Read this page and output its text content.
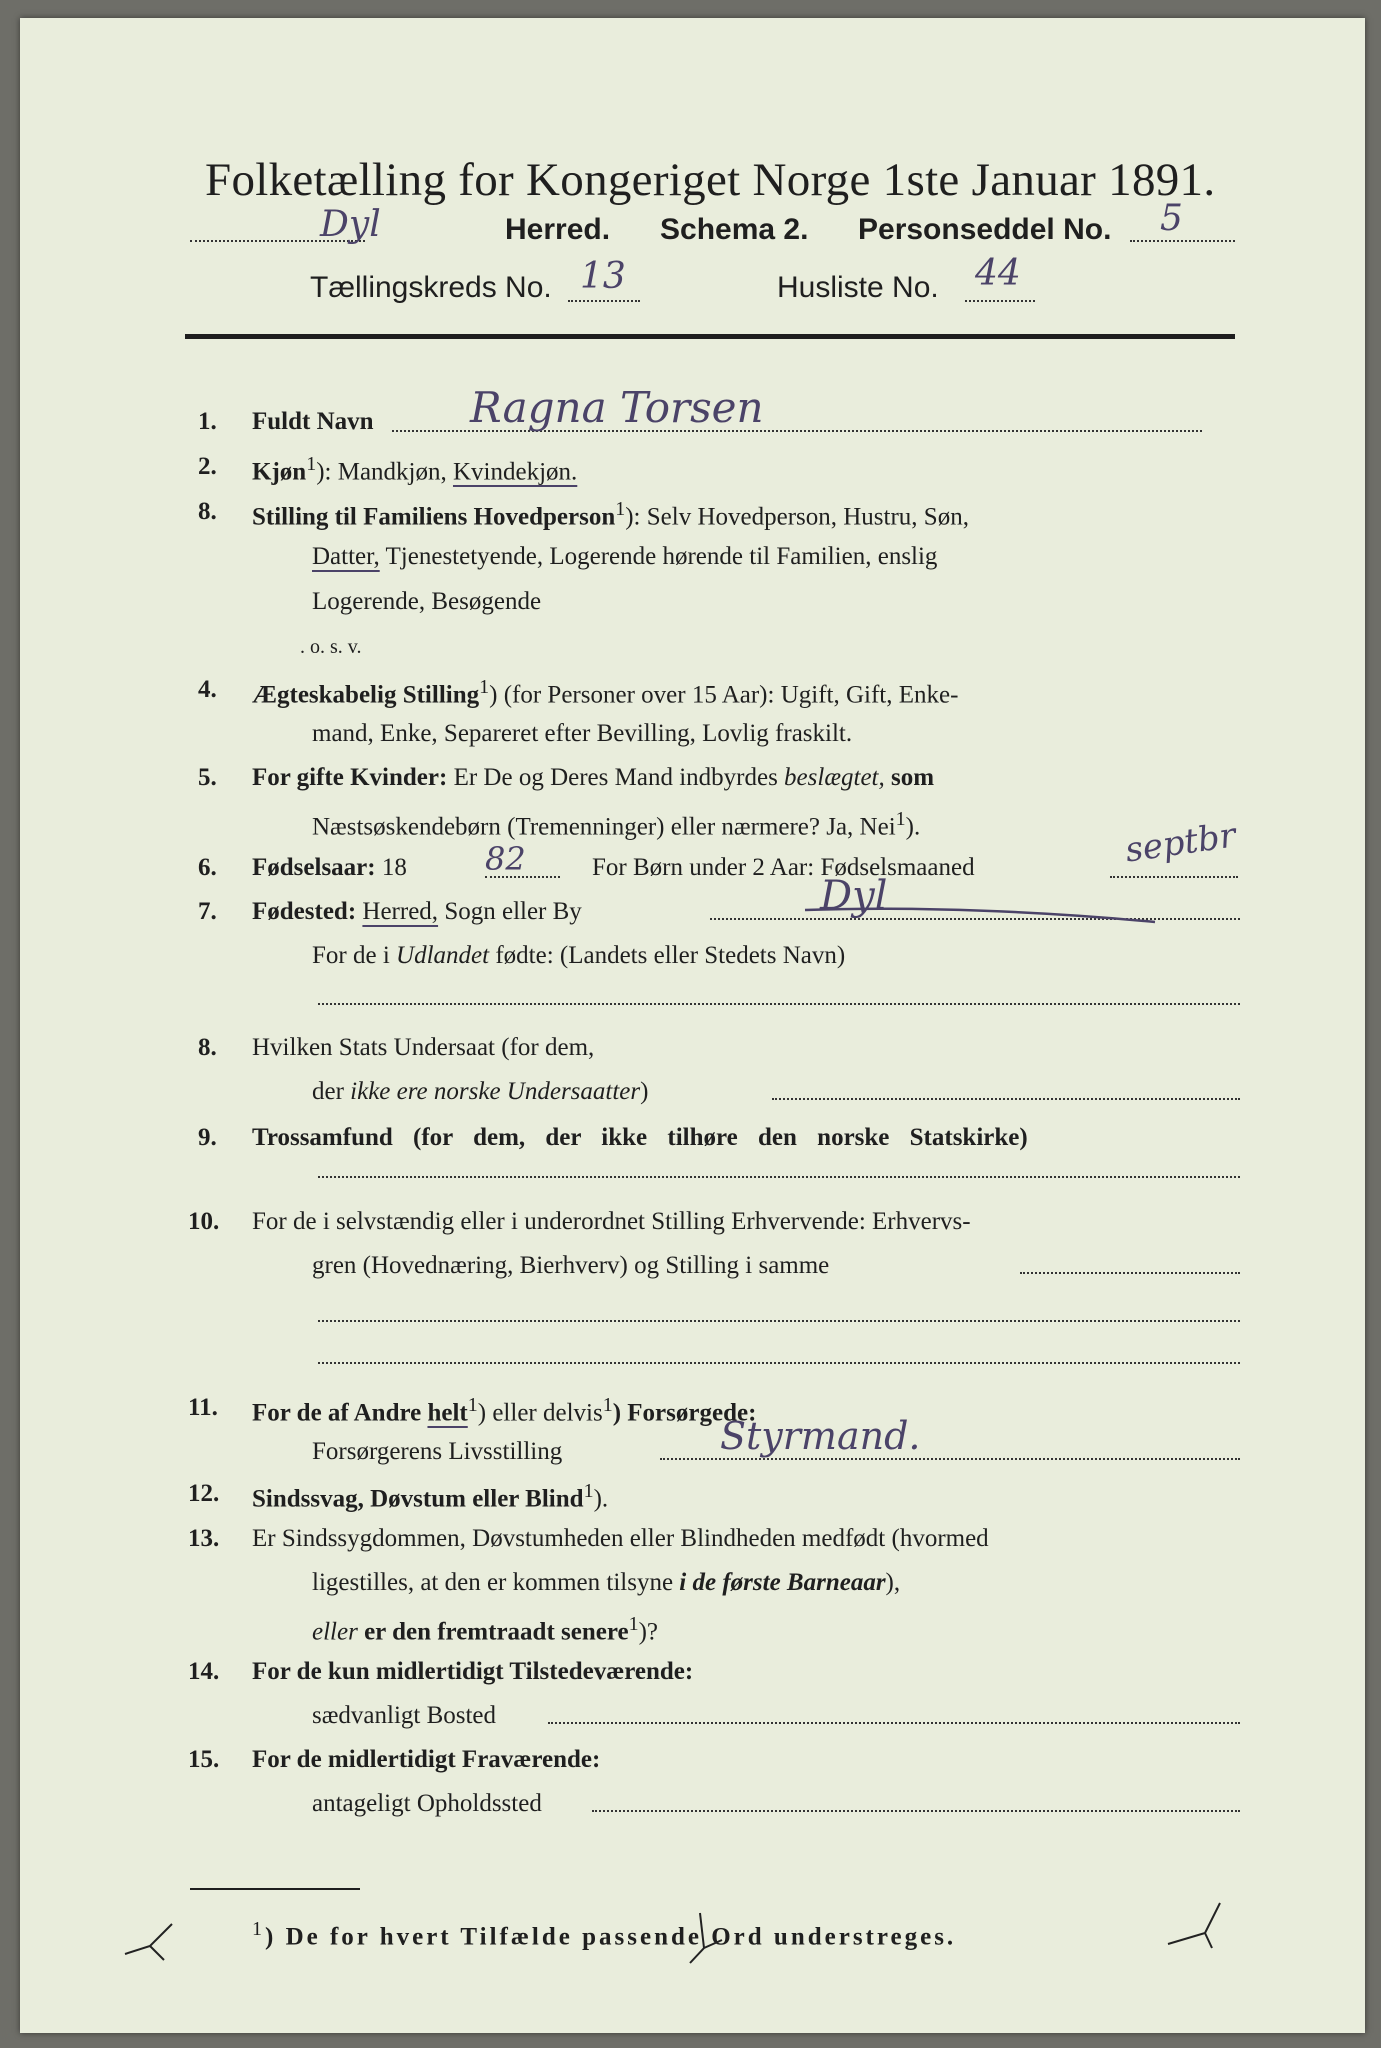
Folketælling for Kongeriget Norge 1ste Januar 1891.
Dyl	Herred. Schema 2. Personseddel No. 5
Tællingskreds No. 13	Husliste No. 44
1. Fuldt Navn Ragna Torsen
2. Kjøn$^1$): Mandkjøn, Kvindekjøn.
8. Stilling til Familiens Hovedperson$^1$): Selv Hovedperson, Hustru, Søn,
Datter, Tjenestetyende, Logerende hørende til Familien, enslig
Logerende, Besøgende
. o. s. v.
4. Ægteskabelig Stilling$^1$) (for Personer over 15 Aar): Ugift, Gift, Enke-
mand, Enke, Separeret efter Bevilling, Lovlig fraskilt.
5. For gifte Kvinder: Er De og Deres Mand indbyrdes beslægtet, som
Næstsøskendebørn (Tremenninger) eller nærmere? Ja, Nei$^1$).
6. Fødselsaar: 18 82	For Børn under 2 Aar: Fødselsmaaned	septbr
7. Fødested: Herred, Sogn eller By	Dyl
For de i Udlandet fødte: (Landets eller Stedets Navn)
8. Hvilken Stats Undersaat (for dem,
der ikke ere norske Undersaatter)
9. Trossamfund (for dem, der ikke tilhøre den norske Statskirke)
10. For de i selvstændig eller i underordnet Stilling Erhvervende: Erhvervs-
gren (Hovednæring, Bierhverv) og Stilling i samme
11. For de af Andre helt$^1$) eller delvis$^1$) Forsørgede:
Forsørgerens Livsstilling	Styrmand.
12. Sindssvag, Døvstum eller Blind$^1$).
13. Er Sindssygdommen, Døvstumheden eller Blindheden medfødt (hvormed
ligestilles, at den er kommen tilsyne i de første Barneaar),
eller er den fremtraadt senere$^1$)?
14. For de kun midlertidigt Tilstedeværende:
sædvanligt Bosted
15. For de midlertidigt Fraværende:
antageligt Opholdssted
$^1$) De for hvert Tilfælde passende Ord understreges.
